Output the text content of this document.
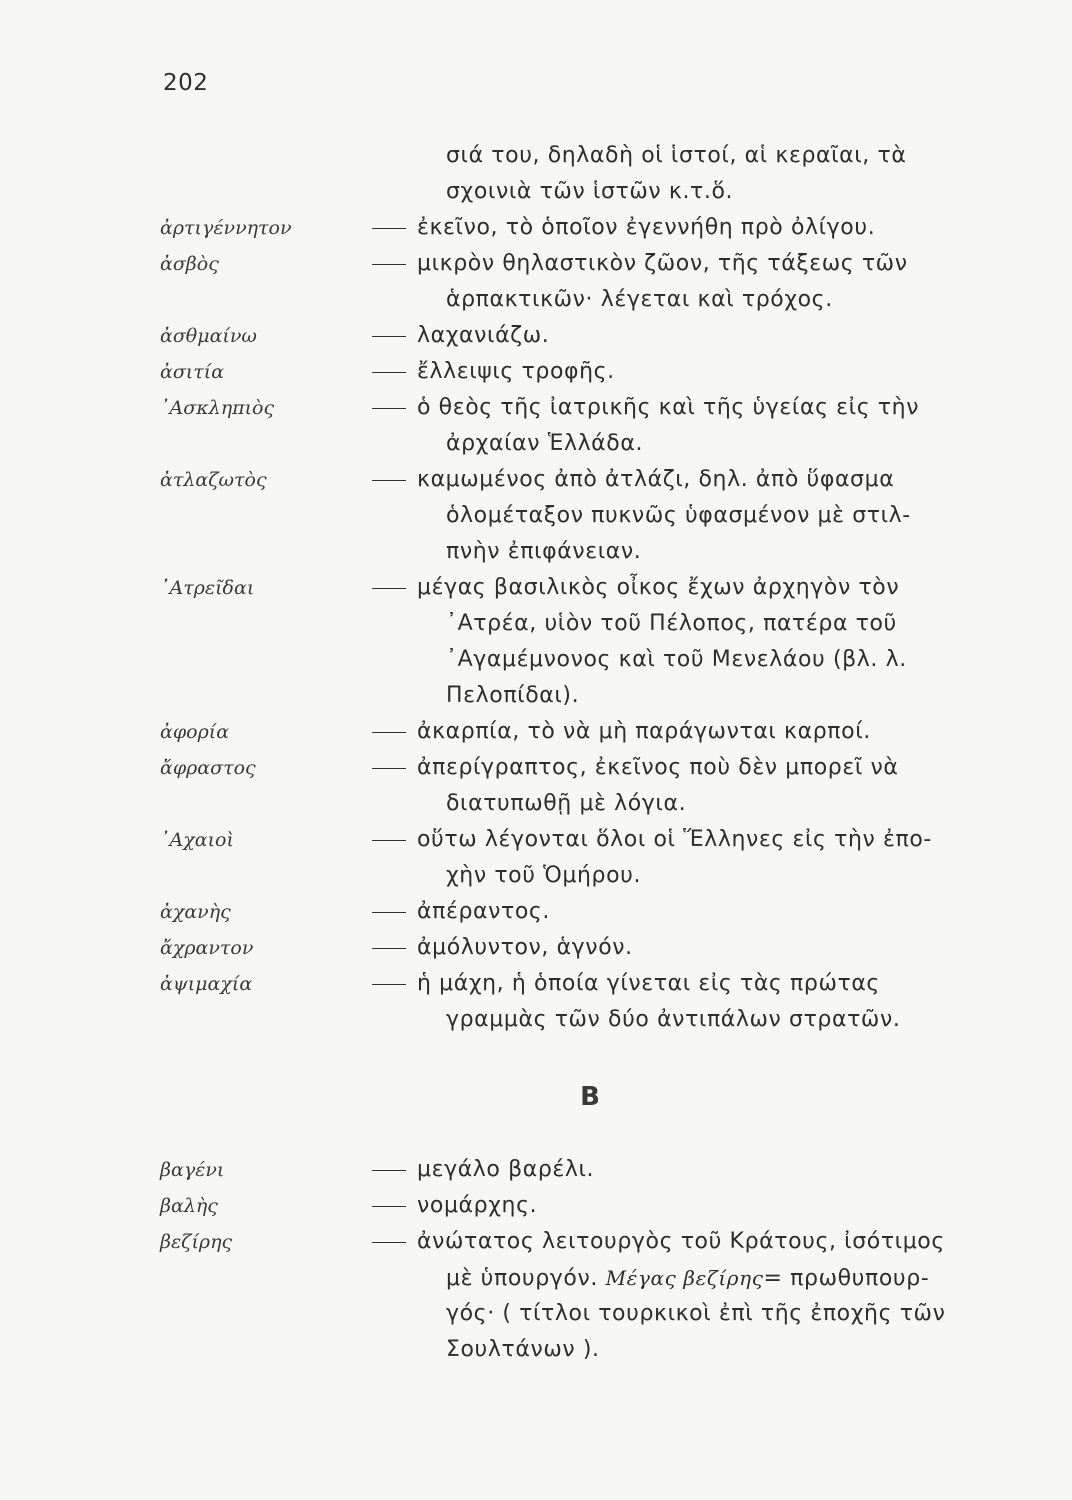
202
σιά του, δηλαδὴ οἱ ἱστοί, αἱ κεραῖαι, τὰ
σχοινιὰ τῶν ἱστῶν κ.τ.ὅ.
ἀρτιγέννητον	ἐκεῖνο, τὸ ὁποῖον ἐγεννήθη πρὸ ὀλίγου.
ἀσβὸς	μικρὸν θηλαστικὸν ζῶον, τῆς τάξεως τῶν
ἁρπακτικῶν· λέγεται καὶ τρόχος.
ἀσθμαίνω	λαχανιάζω.
ἀσιτία	ἔλλειψις τροφῆς.
᾿Ασκληπιὸς	ὁ θεὸς τῆς ἰατρικῆς καὶ τῆς ὑγείας εἰς τὴν
ἀρχαίαν Ἑλλάδα.
ἀτλαζωτὸς	καμωμένος ἀπὸ ἀτλάζι, δηλ. ἀπὸ ὕφασμα
ὁλομέταξον πυκνῶς ὑφασμένον μὲ στιλ-
πνὴν ἐπιφάνειαν.
᾿Ατρεῖδαι	μέγας βασιλικὸς οἶκος ἔχων ἀρχηγὸν τὸν
᾿Ατρέα, υἱὸν τοῦ Πέλοπος, πατέρα τοῦ
᾿Αγαμέμνονος καὶ τοῦ Μενελάου (βλ. λ.
Πελοπίδαι).
ἀφορία	ἀκαρπία, τὸ νὰ μὴ παράγωνται καρποί.
ἄφραστος	ἀπερίγραπτος, ἐκεῖνος ποὺ δὲν μπορεῖ νὰ
διατυπωθῇ μὲ λόγια.
᾿Αχαιοὶ	οὕτω λέγονται ὅλοι οἱ Ἕλληνες εἰς τὴν ἐπο-
χὴν τοῦ Ὁμήρου.
ἀχανὴς	ἀπέραντος.
ἄχραντον	ἀμόλυντον, ἁγνόν.
ἀψιμαχία	ἡ μάχη, ἡ ὁποία γίνεται εἰς τὰς πρώτας
γραμμὰς τῶν δύο ἀντιπάλων στρατῶν.
B
βαγένι	μεγάλο βαρέλι.
βαλὴς	νομάρχης.
βεζίρης	ἀνώτατος λειτουργὸς τοῦ Κράτους, ἰσότιμος
μὲ ὑπουργόν. Μέγας βεζίρης= πρωθυπουρ-
γός· ( τίτλοι τουρκικοὶ ἐπὶ τῆς ἐποχῆς τῶν
Σουλτάνων ).
